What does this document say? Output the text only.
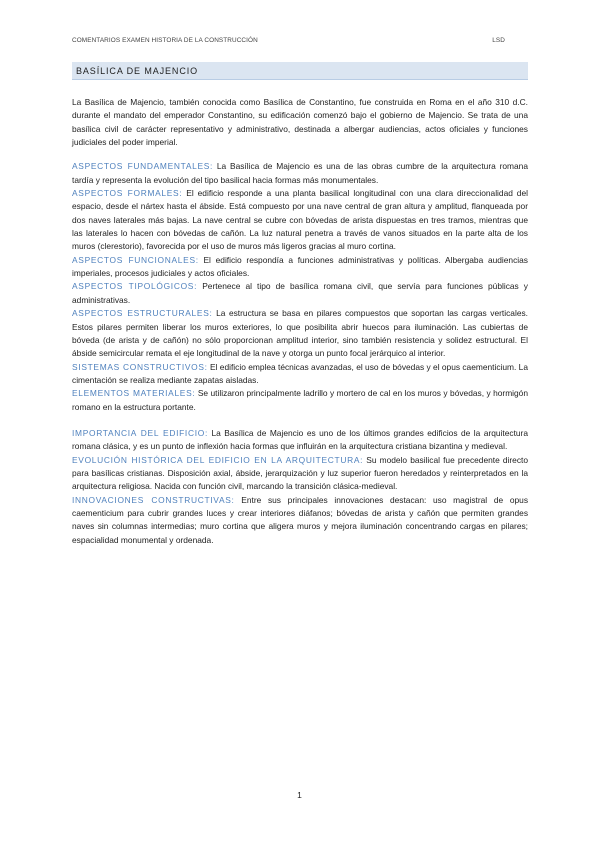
COMENTARIOS EXAMEN HISTORIA DE LA CONSTRUCCIÓN	LSD
BASÍLICA DE MAJENCIO

La Basílica de Majencio, también conocida como Basílica de Constantino, fue construida en Roma en el año 310 d.C. durante el mandato del emperador Constantino, su edificación comenzó bajo el gobierno de Majencio. Se trata de una basílica civil de carácter representativo y administrativo, destinada a albergar audiencias, actos oficiales y funciones judiciales del poder imperial.

ASPECTOS FUNDAMENTALES: La Basílica de Majencio es una de las obras cumbre de la arquitectura romana tardía y representa la evolución del tipo basilical hacia formas más monumentales.

ASPECTOS FORMALES: El edificio responde a una planta basilical longitudinal con una clara direccionalidad del espacio, desde el nártex hasta el ábside. Está compuesto por una nave central de gran altura y amplitud, flanqueada por dos naves laterales más bajas. La nave central se cubre con bóvedas de arista dispuestas en tres tramos, mientras que las laterales lo hacen con bóvedas de cañón. La luz natural penetra a través de vanos situados en la parte alta de los muros (clerestorio), favorecida por el uso de muros más ligeros gracias al muro cortina.

ASPECTOS FUNCIONALES: El edificio respondía a funciones administrativas y políticas. Albergaba audiencias imperiales, procesos judiciales y actos oficiales.

ASPECTOS TIPOLÓGICOS: Pertenece al tipo de basílica romana civil, que servía para funciones públicas y administrativas.

ASPECTOS ESTRUCTURALES: La estructura se basa en pilares compuestos que soportan las cargas verticales. Estos pilares permiten liberar los muros exteriores, lo que posibilita abrir huecos para iluminación. Las cubiertas de bóveda (de arista y de cañón) no sólo proporcionan amplitud interior, sino también resistencia y solidez estructural. El ábside semicircular remata el eje longitudinal de la nave y otorga un punto focal jerárquico al interior.

SISTEMAS CONSTRUCTIVOS: El edificio emplea técnicas avanzadas, el uso de bóvedas y el opus caementicium. La cimentación se realiza mediante zapatas aisladas.

ELEMENTOS MATERIALES: Se utilizaron principalmente ladrillo y mortero de cal en los muros y bóvedas, y hormigón romano en la estructura portante.

IMPORTANCIA DEL EDIFICIO: La Basílica de Majencio es uno de los últimos grandes edificios de la arquitectura romana clásica, y es un punto de inflexión hacia formas que influirán en la arquitectura cristiana bizantina y medieval.

EVOLUCIÓN HISTÓRICA DEL EDIFICIO EN LA ARQUITECTURA: Su modelo basilical fue precedente directo para basílicas cristianas. Disposición axial, ábside, jerarquización y luz superior fueron heredados y reinterpretados en la arquitectura religiosa. Nacida con función civil, marcando la transición clásica-medieval.

INNOVACIONES CONSTRUCTIVAS: Entre sus principales innovaciones destacan: uso magistral de opus caementicium para cubrir grandes luces y crear interiores diáfanos; bóvedas de arista y cañón que permiten grandes naves sin columnas intermedias; muro cortina que aligera muros y mejora iluminación concentrando cargas en pilares; espacialidad monumental y ordenada.

1
